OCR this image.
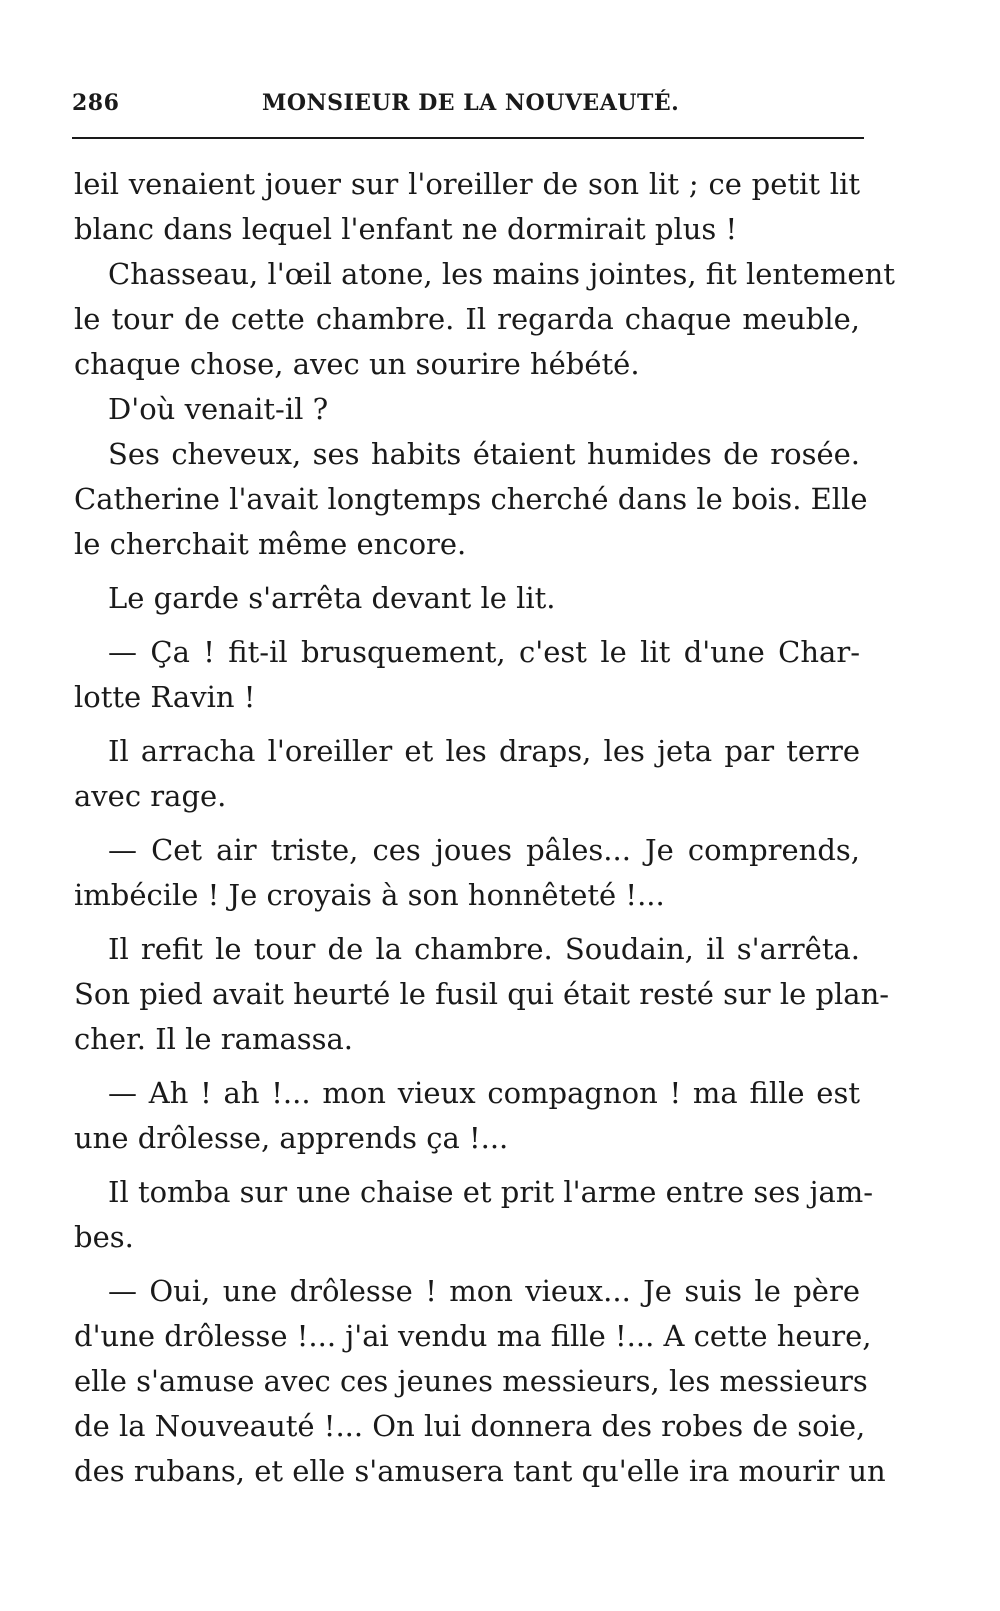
286	MONSIEUR DE LA NOUVEAUTÉ.
leil venaient jouer sur l'oreiller de son lit ; ce petit lit
blanc dans lequel l'enfant ne dormirait plus !
Chasseau, l'œil atone, les mains jointes, fit lentement
le tour de cette chambre. Il regarda chaque meuble,
chaque chose, avec un sourire hébété.
D'où venait-il ?
Ses cheveux, ses habits étaient humides de rosée.
Catherine l'avait longtemps cherché dans le bois. Elle
le cherchait même encore.
Le garde s'arrêta devant le lit.
— Ça ! fit-il brusquement, c'est le lit d'une Char-
lotte Ravin !
Il arracha l'oreiller et les draps, les jeta par terre
avec rage.
— Cet air triste, ces joues pâles... Je comprends,
imbécile ! Je croyais à son honnêteté !...
Il refit le tour de la chambre. Soudain, il s'arrêta.
Son pied avait heurté le fusil qui était resté sur le plan-
cher. Il le ramassa.
— Ah ! ah !... mon vieux compagnon ! ma fille est
une drôlesse, apprends ça !...
Il tomba sur une chaise et prit l'arme entre ses jam-
bes.
— Oui, une drôlesse ! mon vieux... Je suis le père
d'une drôlesse !... j'ai vendu ma fille !... A cette heure,
elle s'amuse avec ces jeunes messieurs, les messieurs
de la Nouveauté !... On lui donnera des robes de soie,
des rubans, et elle s'amusera tant qu'elle ira mourir un
